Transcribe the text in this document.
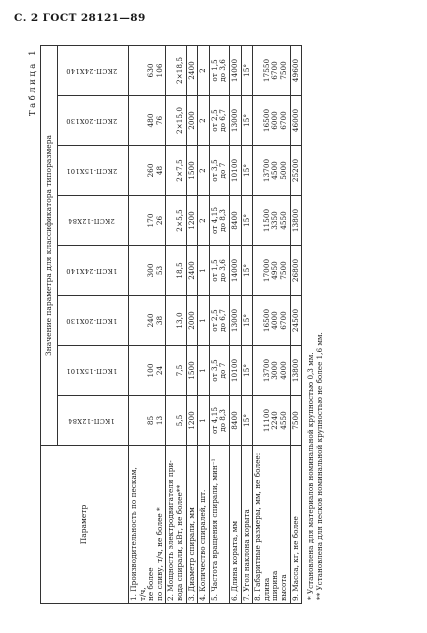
С. 2 ГОСТ 28121—89
Таблица 1
Параметр	Значение параметра для классификатора типоразмера							
	1КСП-12Х84	1КСП-15Х101	1КСП-20Х130	1КСП-24Х140	2КСП-12Х84	2КСП-15Х101	2КСП-20Х130	2КСП-24Х140

1. Производительность по пескам, т/ч, не более по сливу, т/ч, не более *	85 13	100 24	240 38	300 53	170 26	260 48	480 76	630 106

2. Мощность электродвигателя при- вода спирали, кВт, не более**	5,5	7,5	13,0	18,5	2×5,5	2×7,5	2×15,0	2×18,5

3. Диаметр спирали, мм	1200	1500	2000	2400	1200	1500	2000	2400

4. Количество спиралей, шт.	1	1	1	1	2	2	2	2

5. Частота вращения спирали, мин⁻¹	от 4,15 до 8,3	от 3,5 до 7	от 2,5 до 6,7	от 1,5 до 3,6	от 4,15 до 8,3	от 3,5 до 7	от 2,5 до 6,7	от 1,5 до 3,6

6. Длина корыта, мм	8400	10100	13000	14000	8400	10100	13000	14000

7. Угол наклона корыта	15°	15°	15°	15°	15°	15°	15°	15°

8. Габаритные размеры, мм, не более: длина ширина высота	11100 2240 4550	13700 3000 4000	16500 4000 6700	17000 4950 7500	11500 3350 4550	13700 4500 5000	16500 6000 6700	17550 6700 7500

9. Масса, кг, не более	7500	13800	24500	26800	13800	25200	46000	49600
* Установлена для материалов номинальной крупностью 0,3 мм. ** Установлена для песков номинальной крупностью не более 1,6 мм.
